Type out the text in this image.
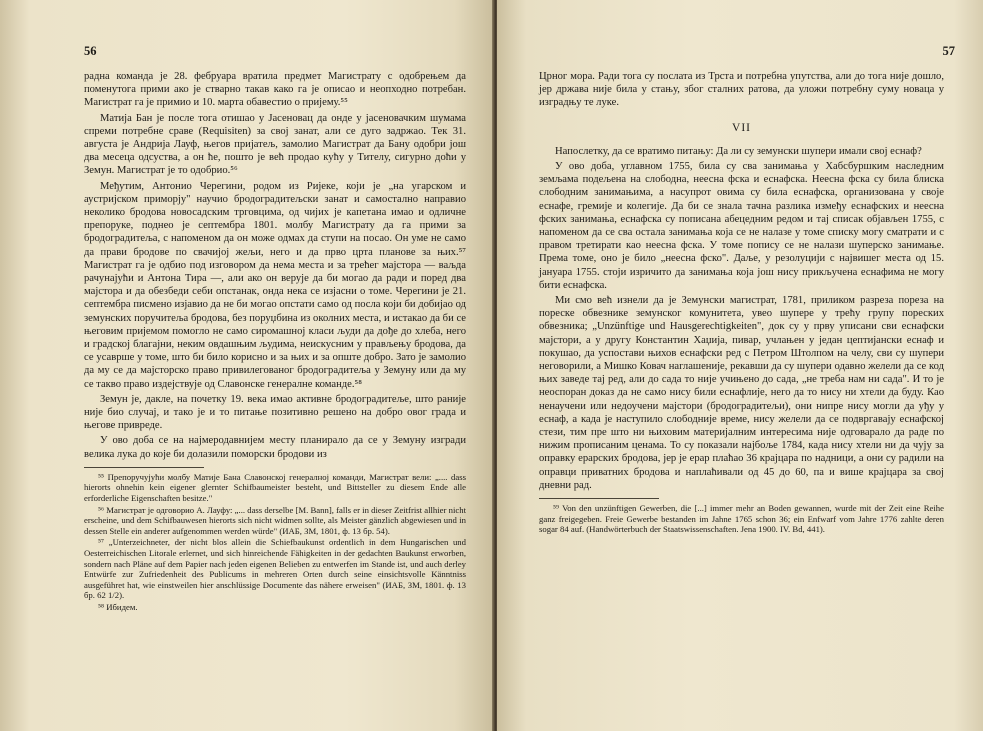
56

радна команда је 28. фебруара вратила предмет Магистрату с одобрењем да поменутога прими ако је стварно такав како га је описао и неопходно потребан. Магистрат га је примио и 10. марта обавестио о пријему.⁵⁵

Матија Бан је после тога отишао у Јасеновац да онде у јасеновачким шумама спреми потребне сраве (Requisiten) за свој занат, али се дуго задржао. Тек 31. августа је Андрија Лауф, његов пријатељ, замолио Магистрат да Бану одобри још два месеца одсуства, а он ће, пошто је већ продао кућу у Тителу, сигурно доћи у Земун. Магистрат је то одобрио.⁵⁶

Међутим, Антонио Черегини, родом из Ријеке, који је „на угарском и аустријском приморју" научио бродоградитељски занат и самостално направио неколико бродова новосадским трговцима, од чијих је капетана имао и одличне препоруке, поднео је септембра 1801. молбу Магистрату да га прими за бродоградитеља, с напоменом да он може одмах да ступи на посао. Он уме не само да прави бродове по свачијој жељи, него и да прво црта планове за њих.⁵⁷ Магистрат га је одбио под изговором да нема места и за трећег мајстора — ваљда рачунајући и Антона Тира —, али ако он верује да би могао да ради и поред два мајстора и да обезбеди себи опстанак, онда нека се изјасни о томе. Черегини је 21. септембра писмено изјавио да не би могао опстати само од посла који би добијао од земунских поручитеља бродова, без поруџбина из околних места, и истакао да би се његовим пријемом помогло не само сиромашној класи људи да дође до хлеба, него и градској благајни, неким овдашњим људима, неискусним у прављењу бродова, да се усаврше у томе, што би било корисно и за њих и за опште добро. Зато је замолио да му се да мајсторско право привилегованог бродоградитеља у Земуну или да му се такво право издејствује од Славонске генералне команде.⁵⁸

Земун је, дакле, на почетку 19. века имао активне бродоградитеље, што раније није био случај, и тако је и то питање позитивно решено на добро овог града и његове привреде.

У ово доба се на најмеродавнијем месту планирало да се у Земуну изгради велика лука до које би долазили поморски бродови из

⁵⁵ Препоручујући молбу Матије Бана Славонској генералној команди, Магистрат вели: „.... dass hierorts ohnehin kein eigener glernter Schifbaumeister besteht, und Bittsteller zu diesem Ende alle erforderliche Eigenschaften besitze."

⁵⁶ Магистрат је одговорио А. Лауфу: „... dass derselbe [M. Bann], falls er in dieser Zeitfrist allhier nicht erscheine, und dem Schifbauwesen hierorts sich nicht widmen sollte, als Meister gänzlich abgewiesen und in dessen Stelle ein anderer aufgenommen werden würde" (ИАБ, ЗМ, 1801, ф. 13 бр. 54).

⁵⁷ „Unterzeichneter, der nicht blos allein die Schiefbaukunst ordentlich in dem Hungarischen und Oesterreichischen Litorale erlernet, und sich hinreichende Fähigkeiten in der gedachten Baukunst erworben, sondern nach Pläne auf dem Papier nach jeden eigenen Belieben zu entwerfen im Stande ist, und auch derley Entwürfe zur Zufriedenheit des Publicums in mehreren Orten durch seine einsichtsvolle Känntniss ausgeführet hat, wie einstweilen hier anschlüssige Documente das nähere erweisen" (ИАБ, ЗМ, 1801. ф. 13 бр. 62 1/2).

⁵⁸ Ибидем.

57

Црног мора. Ради тога су послата из Трста и потребна упутства, али до тога није дошло, јер држава није била у стању, због сталних ратова, да уложи потребну суму новаца у изградњу те луке.

VII

Напослетку, да се вратимо питању: Да ли су земунски шупери имали свој еснаф?

У ово доба, углавном 1755, била су сва занимања у Хабсбуршким наследним земљама подељена на слободна, неесна фска и еснафска. Неесна фска су била блиска слободним занимањима, а насупрот овима су била еснафска, организована у своје еснафе, гремије и колегије. Да би се знала тачна разлика између еснафских и неесна фских занимања, еснафска су пописана абецедним редом и тај списак објављен 1755, с напоменом да се сва остала занимања која се не налазе у томе списку могу сматрати и с правом третирати као неесна фска. У томе попису се не налази шуперско занимање. Према томе, оно је било „неесна фско". Даље, у резолуцији с највишег места од 15. јануара 1755. стоји изричито да занимања која још нису прикључена еснафима не могу бити еснафска.

Ми смо већ изнели да је Земунски магистрат, 1781, приликом разреза пореза на пореске обвезнике земунског комунитета, увео шупере у трећу групу пореских обвезника; „Unzünftige und Hausgerechtigkeiten", док су у прву уписани сви еснафски мајстори, а у другу Константин Хаџија, пивар, учлањен у један цептијански еснаф и покушао, да успостави њихов еснафски ред с Петром Штолпом на челу, сви су шупери неговорили, а Мишко Ковач наглашеније, рекавши да су шупери одавно желели да се код њих заведе тај ред, али до сада то није учињено до сада, „не треба нам ни сада". И то је неоспоран доказ да не само нису били еснафлије, него да то нису ни хтели да буду. Као ненаучени или недоучени мајстори (бродоградитељи), они нипре нису могли да уђу у еснаф, а када је наступило слободније време, нису желели да се подвргавају еснафској стези, тим пре што ни њиховим материјалним интересима није одговарало да раде по нижим прописаним ценама. То су показали најбоље 1784, када нису хтели ни да чују за оправку ерарских бродова, јер је ерар плаћао 36 крајцара по надници, а они су радили на оправци приватних бродова и наплаћивали од 45 до 60, па и више крајцара за свој дневни рад.

⁵⁹ Von den unzünftigen Gewerben, die [...] immer mehr an Boden gewannen, wurde mit der Zeit eine Reihe ganz freigegeben. Freie Gewerbe bestanden im Jahne 1765 schon 36; ein Enfwarf vom Jahre 1776 zahlte deren sogar 84 auf. (Handwörterbuch der Staatswissenschaften. Jena 1900. IV. Bd, 441).
